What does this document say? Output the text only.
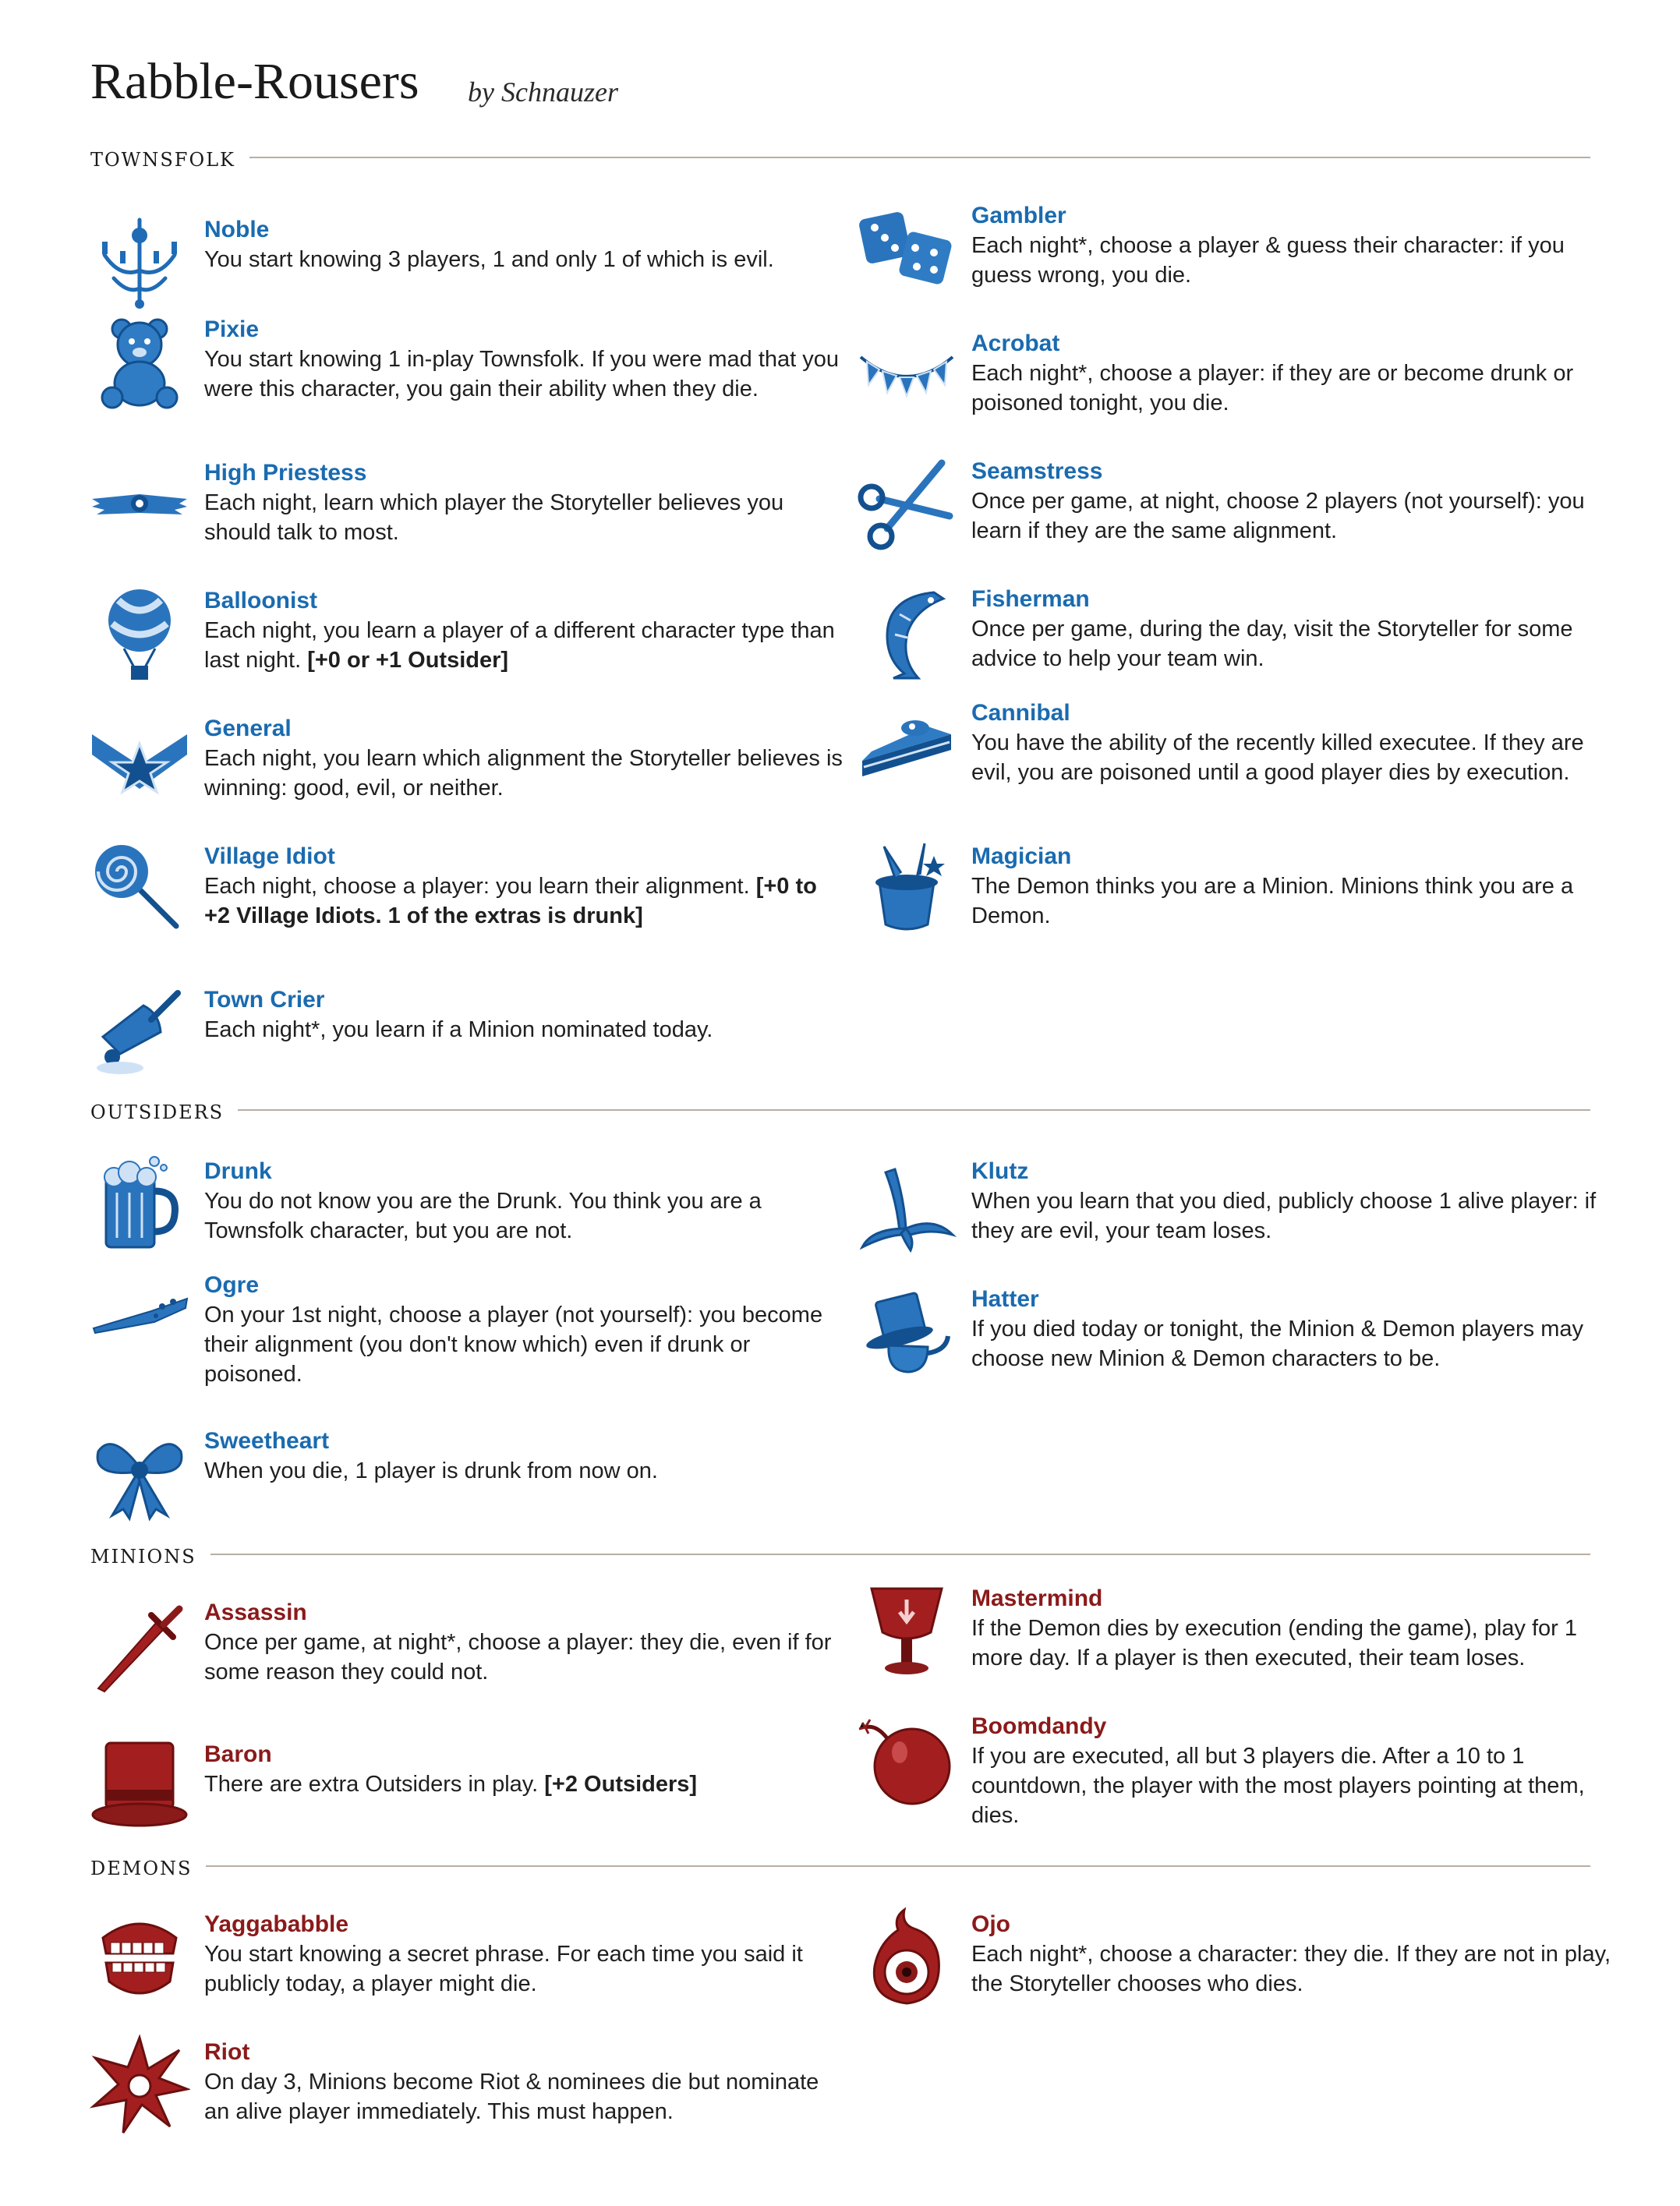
Rabble-Rousers by Schnauzer
townsfolk
Noble
You start knowing 3 players, 1 and only 1 of which is evil.
Pixie
You start knowing 1 in-play Townsfolk. If you were mad that you were this character, you gain their ability when they die.
High Priestess
Each night, learn which player the Storyteller believes you should talk to most.
Balloonist
Each night, you learn a player of a different character type than last night. [+0 or +1 Outsider]
General
Each night, you learn which alignment the Storyteller believes is winning: good, evil, or neither.
Village Idiot
Each night, choose a player: you learn their alignment. [+0 to +2 Village Idiots. 1 of the extras is drunk]
Town Crier
Each night*, you learn if a Minion nominated today.
Gambler
Each night*, choose a player & guess their character: if you guess wrong, you die.
Acrobat
Each night*, choose a player: if they are or become drunk or poisoned tonight, you die.
Seamstress
Once per game, at night, choose 2 players (not yourself): you learn if they are the same alignment.
Fisherman
Once per game, during the day, visit the Storyteller for some advice to help your team win.
Cannibal
You have the ability of the recently killed executee. If they are evil, you are poisoned until a good player dies by execution.
Magician
The Demon thinks you are a Minion. Minions think you are a Demon.
outsiders
Drunk
You do not know you are the Drunk. You think you are a Townsfolk character, but you are not.
Ogre
On your 1st night, choose a player (not yourself): you become their alignment (you don't know which) even if drunk or poisoned.
Sweetheart
When you die, 1 player is drunk from now on.
Klutz
When you learn that you died, publicly choose 1 alive player: if they are evil, your team loses.
Hatter
If you died today or tonight, the Minion & Demon players may choose new Minion & Demon characters to be.
minions
Assassin
Once per game, at night*, choose a player: they die, even if for some reason they could not.
Baron
There are extra Outsiders in play. [+2 Outsiders]
Mastermind
If the Demon dies by execution (ending the game), play for 1 more day. If a player is then executed, their team loses.
Boomdandy
If you are executed, all but 3 players die. After a 10 to 1 countdown, the player with the most players pointing at them, dies.
demons
Yaggababble
You start knowing a secret phrase. For each time you said it publicly today, a player might die.
Riot
On day 3, Minions become Riot & nominees die but nominate an alive player immediately. This must happen.
Ojo
Each night*, choose a character: they die. If they are not in play, the Storyteller chooses who dies.
